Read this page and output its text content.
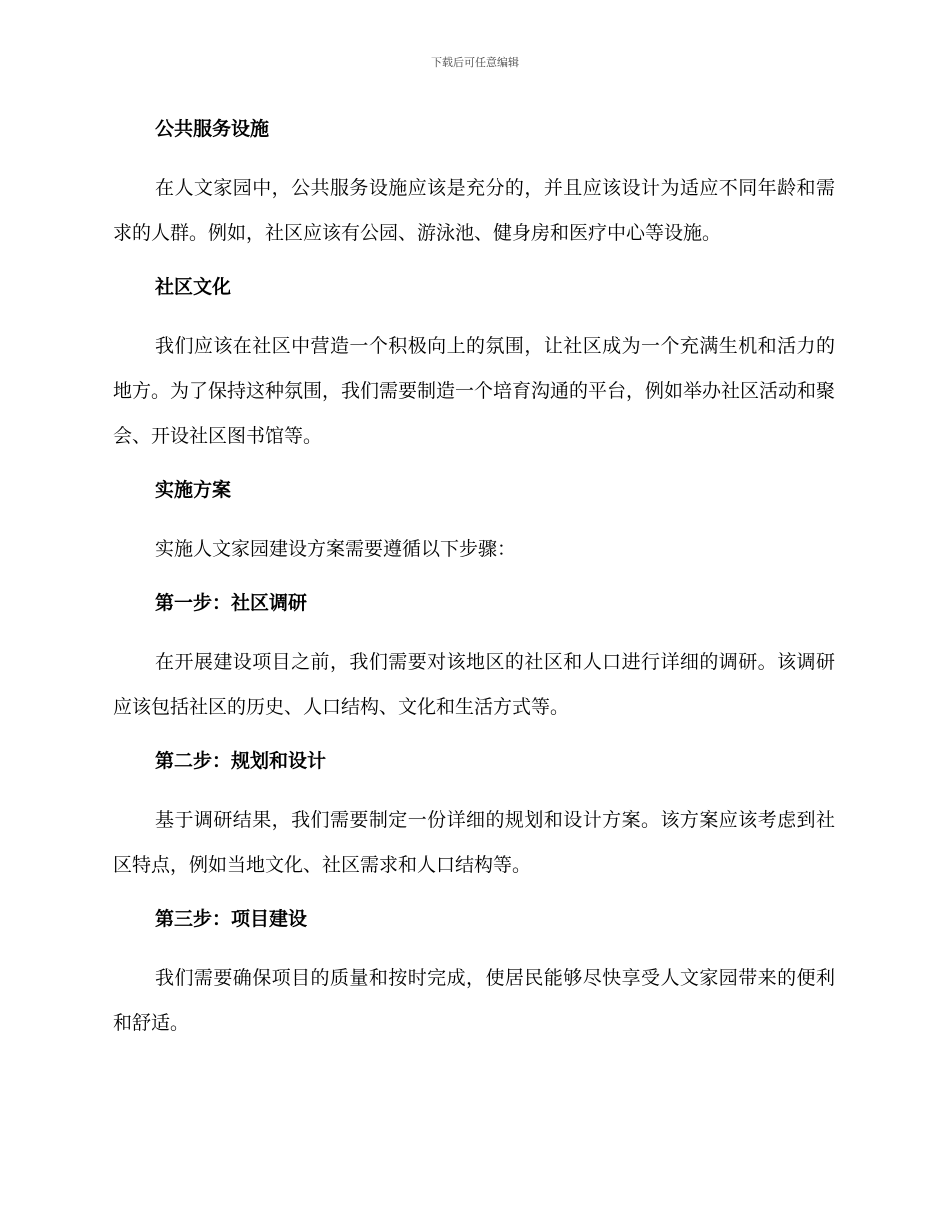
下载后可任意编辑

公共服务设施

在人文家园中，公共服务设施应该是充分的，并且应该设计为适应不同年龄和需求的人群。例如，社区应该有公园、游泳池、健身房和医疗中心等设施。

社区文化

我们应该在社区中营造一个积极向上的氛围，让社区成为一个充满生机和活力的地方。为了保持这种氛围，我们需要制造一个培育沟通的平台，例如举办社区活动和聚会、开设社区图书馆等。

实施方案

实施人文家园建设方案需要遵循以下步骤：

第一步：社区调研

在开展建设项目之前，我们需要对该地区的社区和人口进行详细的调研。该调研应该包括社区的历史、人口结构、文化和生活方式等。

第二步：规划和设计

基于调研结果，我们需要制定一份详细的规划和设计方案。该方案应该考虑到社区特点，例如当地文化、社区需求和人口结构等。

第三步：项目建设

我们需要确保项目的质量和按时完成，使居民能够尽快享受人文家园带来的便利和舒适。
